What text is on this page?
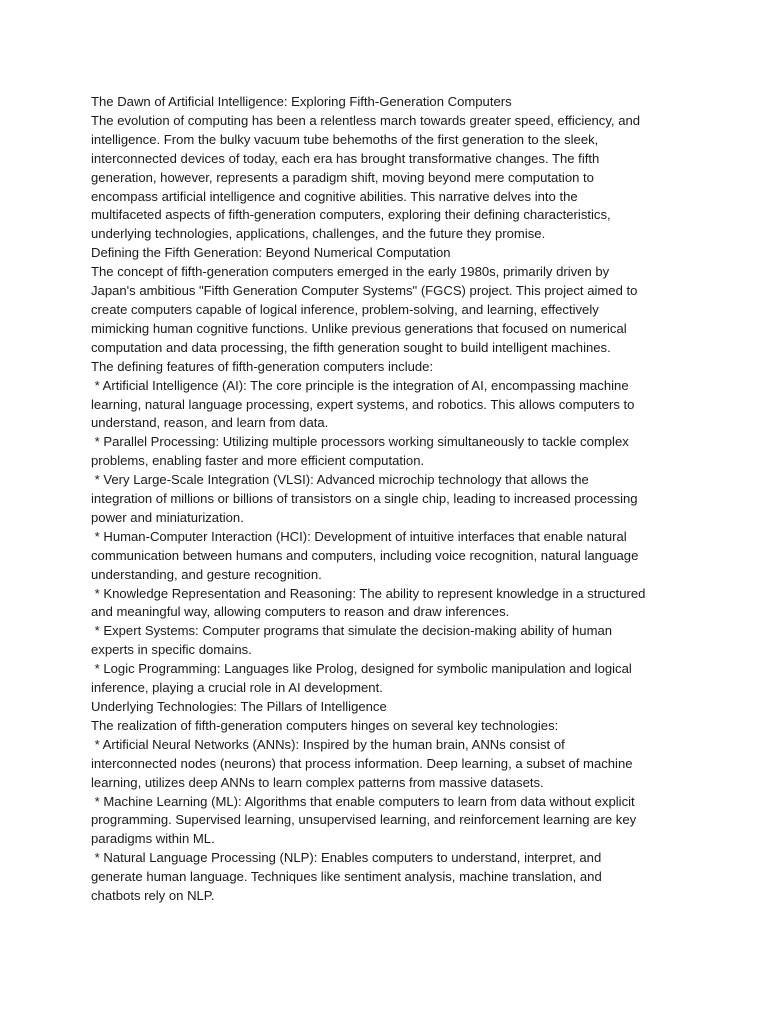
The Dawn of Artificial Intelligence: Exploring Fifth-Generation Computers
The evolution of computing has been a relentless march towards greater speed, efficiency, and
intelligence. From the bulky vacuum tube behemoths of the first generation to the sleek,
interconnected devices of today, each era has brought transformative changes. The fifth
generation, however, represents a paradigm shift, moving beyond mere computation to
encompass artificial intelligence and cognitive abilities. This narrative delves into the
multifaceted aspects of fifth-generation computers, exploring their defining characteristics,
underlying technologies, applications, challenges, and the future they promise.
Defining the Fifth Generation: Beyond Numerical Computation
The concept of fifth-generation computers emerged in the early 1980s, primarily driven by
Japan's ambitious "Fifth Generation Computer Systems" (FGCS) project. This project aimed to
create computers capable of logical inference, problem-solving, and learning, effectively
mimicking human cognitive functions. Unlike previous generations that focused on numerical
computation and data processing, the fifth generation sought to build intelligent machines.
The defining features of fifth-generation computers include:
* Artificial Intelligence (AI): The core principle is the integration of AI, encompassing machine
learning, natural language processing, expert systems, and robotics. This allows computers to
understand, reason, and learn from data.
* Parallel Processing: Utilizing multiple processors working simultaneously to tackle complex
problems, enabling faster and more efficient computation.
* Very Large-Scale Integration (VLSI): Advanced microchip technology that allows the
integration of millions or billions of transistors on a single chip, leading to increased processing
power and miniaturization.
* Human-Computer Interaction (HCI): Development of intuitive interfaces that enable natural
communication between humans and computers, including voice recognition, natural language
understanding, and gesture recognition.
* Knowledge Representation and Reasoning: The ability to represent knowledge in a structured
and meaningful way, allowing computers to reason and draw inferences.
* Expert Systems: Computer programs that simulate the decision-making ability of human
experts in specific domains.
* Logic Programming: Languages like Prolog, designed for symbolic manipulation and logical
inference, playing a crucial role in AI development.
Underlying Technologies: The Pillars of Intelligence
The realization of fifth-generation computers hinges on several key technologies:
* Artificial Neural Networks (ANNs): Inspired by the human brain, ANNs consist of
interconnected nodes (neurons) that process information. Deep learning, a subset of machine
learning, utilizes deep ANNs to learn complex patterns from massive datasets.
* Machine Learning (ML): Algorithms that enable computers to learn from data without explicit
programming. Supervised learning, unsupervised learning, and reinforcement learning are key
paradigms within ML.
* Natural Language Processing (NLP): Enables computers to understand, interpret, and
generate human language. Techniques like sentiment analysis, machine translation, and
chatbots rely on NLP.
